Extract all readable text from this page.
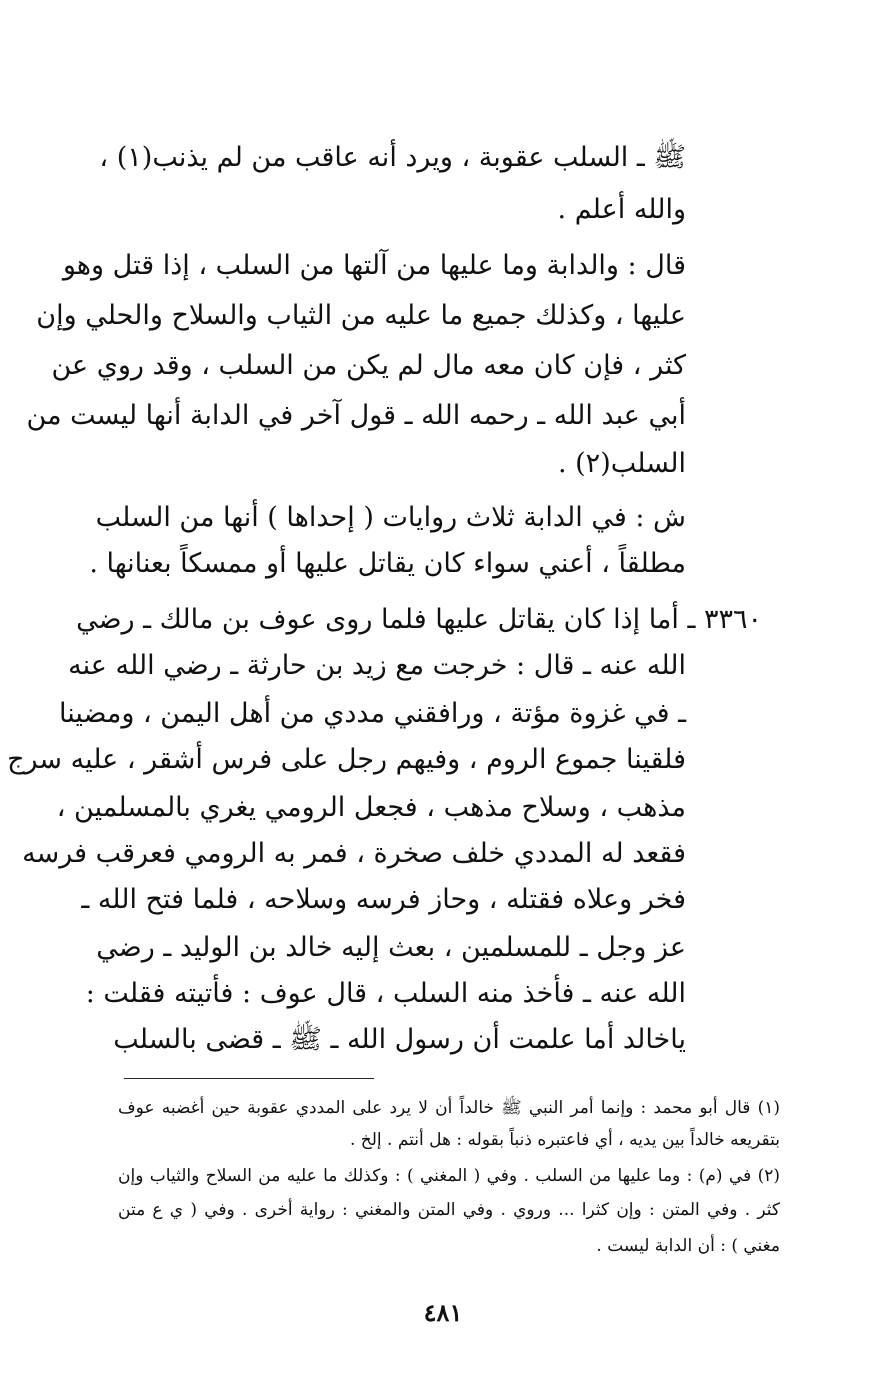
ﷺ ـ السلب عقوبة ، ويرد أنه عاقب من لم يذنب(١) ،
والله أعلم .
قال : والدابة وما عليها من آلتها من السلب ، إذا قتل وهو
عليها ، وكذلك جميع ما عليه من الثياب والسلاح والحلي وإن
كثر ، فإن كان معه مال لم يكن من السلب ، وقد روي عن
أبي عبد الله ـ رحمه الله ـ قول آخر في الدابة أنها ليست من
السلب(٢) .
ش : في الدابة ثلاث روايات ( إحداها ) أنها من السلب
مطلقاً ، أعني سواء كان يقاتل عليها أو ممسكاً بعنانها .
٣٣٦٠ ـ أما إذا كان يقاتل عليها فلما روى عوف بن مالك ـ رضي
الله عنه ـ قال : خرجت مع زيد بن حارثة ـ رضي الله عنه
ـ في غزوة مؤتة ، ورافقني مددي من أهل اليمن ، ومضينا
فلقينا جموع الروم ، وفيهم رجل على فرس أشقر ، عليه سرج
مذهب ، وسلاح مذهب ، فجعل الرومي يغري بالمسلمين ،
فقعد له المددي خلف صخرة ، فمر به الرومي فعرقب فرسه
فخر وعلاه فقتله ، وحاز فرسه وسلاحه ، فلما فتح الله ـ
عز وجل ـ للمسلمين ، بعث إليه خالد بن الوليد ـ رضي
الله عنه ـ فأخذ منه السلب ، قال عوف : فأتيته فقلت :
ياخالد أما علمت أن رسول الله ـ ﷺ ـ قضى بالسلب
(١) قال أبو محمد : وإنما أمر النبي ﷺ خالداً أن لا يرد على المددي عقوبة حين أغضبه عوف
بتقريعه خالداً بين يديه ، أي فاعتبره ذنباً بقوله : هل أنتم . إلخ .
(٢) في (م) : وما عليها من السلب . وفي ( المغني ) : وكذلك ما عليه من السلاح والثياب وإن
كثر . وفي المتن : وإن كثرا ... وروي . وفي المتن والمغني : رواية أخرى . وفي ( ي ع متن
مغني ) : أن الدابة ليست .
٤٨١
